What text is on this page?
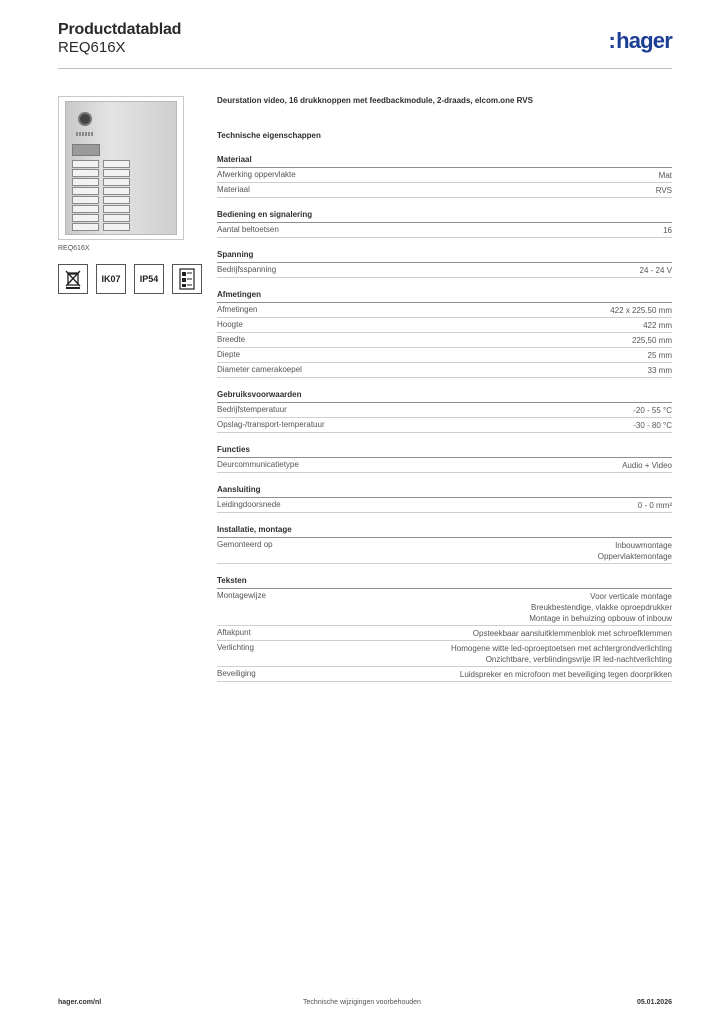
Productdatablad
REQ616X	:hager
REQ616X
IK07	IP54
Deurstation video, 16 drukknoppen met feedbackmodule, 2-draads, elcom.one RVS
Technische eigenschappen
Materiaal
Afwerking oppervlakte	Mat
Materiaal	RVS
Bediening en signalering
Aantal beltoetsen	16
Spanning
Bedrijfsspanning	24 - 24 V
Afmetingen
Afmetingen	422 x 225.50 mm
Hoogte	422 mm
Breedte	225,50 mm
Diepte	25 mm
Diameter camerakoepel	33 mm
Gebruiksvoorwaarden
Bedrijfstemperatuur	-20 - 55 °C
Opslag-/transport-temperatuur	-30 - 80 °C
Functies
Deurcommunicatietype	Audio + Video
Aansluiting
Leidingdoorsnede	0 - 0 mm²
Installatie, montage
Gemonteerd op	Inbouwmontage
Oppervlaktemontage
Teksten
Montagewijze	Voor verticale montage
Breukbestendige, vlakke oproepdrukker
Montage in behuizing opbouw of inbouw
Aftakpunt	Opsteekbaar aansluitklemmenblok met schroefklemmen
Verlichting	Homogene witte led-oproeptoetsen met achtergrondverlichting
Onzichtbare, verblindingsvrije IR led-nachtverlichting
Beveiliging	Luidspreker en microfoon met beveiliging tegen doorprikken
hager.com/nl	Technische wijzigingen voorbehouden	05.01.2026
